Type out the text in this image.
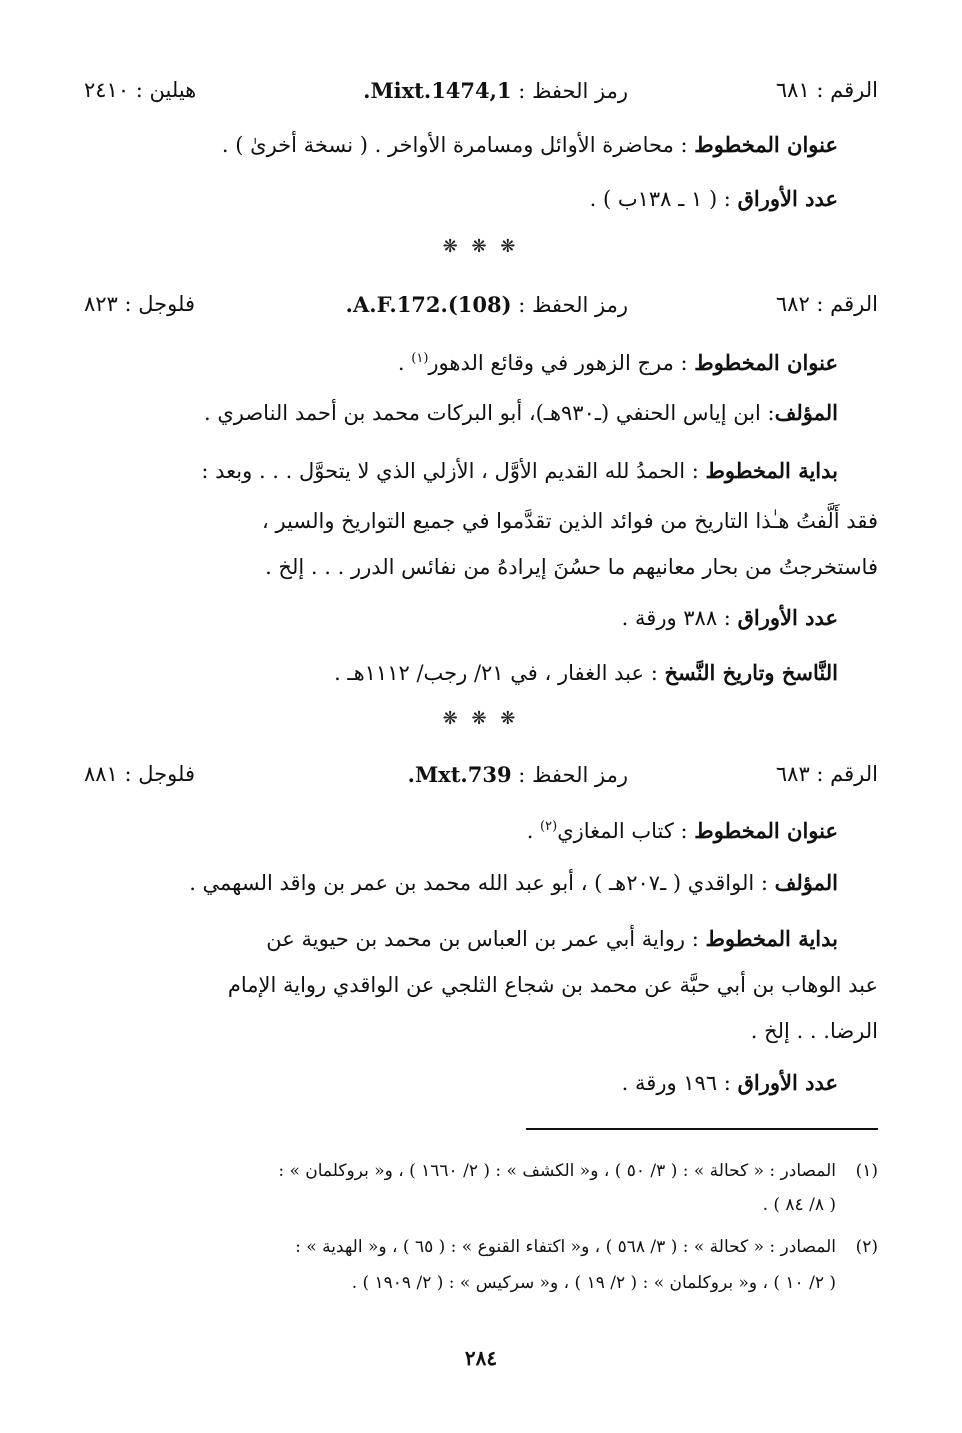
الرقم : ٦٨١
رمز الحفظ : Mixt.1474,1.
هيلين : ٢٤١٠
عنوان المخطوط : محاضرة الأوائل ومسامرة الأواخر . ( نسخة أخرىٰ ) .
عدد الأوراق : ( ١ ـ ١٣٨ب ) .
❋ ❋ ❋
الرقم : ٦٨٢
رمز الحفظ : A.F.172.(108).
فلوجل : ٨٢٣
عنوان المخطوط : مرج الزهور في وقائع الدهور$^{(١)}$ .
المؤلف: ابن إياس الحنفي (ـ٩٣٠هـ)، أبو البركات محمد بن أحمد الناصري .
بداية المخطوط : الحمدُ لله القديم الأوَّل ، الأزلي الذي لا يتحوَّل . . . وبعد :
فقد أَلَّفتُ هـٰذا التاريخ من فوائد الذين تقدَّموا في جميع التواريخ والسير ،
فاستخرجتُ من بحار معانيهم ما حسُنَ إيرادهُ من نفائس الدرر . . . إلخ .
عدد الأوراق : ٣٨٨ ورقة .
النَّاسخ وتاريخ النَّسخ : عبد الغفار ، في ٢١/ رجب/ ١١١٢هـ .
❋ ❋ ❋
الرقم : ٦٨٣
رمز الحفظ : Mxt.739.
فلوجل : ٨٨١
عنوان المخطوط : كتاب المغازي$^{(٢)}$ .
المؤلف : الواقدي ( ـ٢٠٧هـ ) ، أبو عبد الله محمد بن عمر بن واقد السهمي .
بداية المخطوط : رواية أبي عمر بن العباس بن محمد بن حيوية عن
عبد الوهاب بن أبي حبَّة عن محمد بن شجاع الثلجي عن الواقدي رواية الإمام
الرضا. . . إلخ .
عدد الأوراق : ١٩٦ ورقة .
(١)المصادر : « كحالة » : ( ٣/ ٥٠ ) ، و« الكشف » : ( ٢/ ١٦٦٠ ) ، و« بروكلمان » :
( ٨/ ٨٤ ) .
(٢)المصادر : « كحالة » : ( ٣/ ٥٦٨ ) ، و« اكتفاء القنوع » : ( ٦٥ ) ، و« الهدية » :
( ٢/ ١٠ ) ، و« بروكلمان » : ( ٢/ ١٩ ) ، و« سركيس » : ( ٢/ ١٩٠٩ ) .
٢٨٤
